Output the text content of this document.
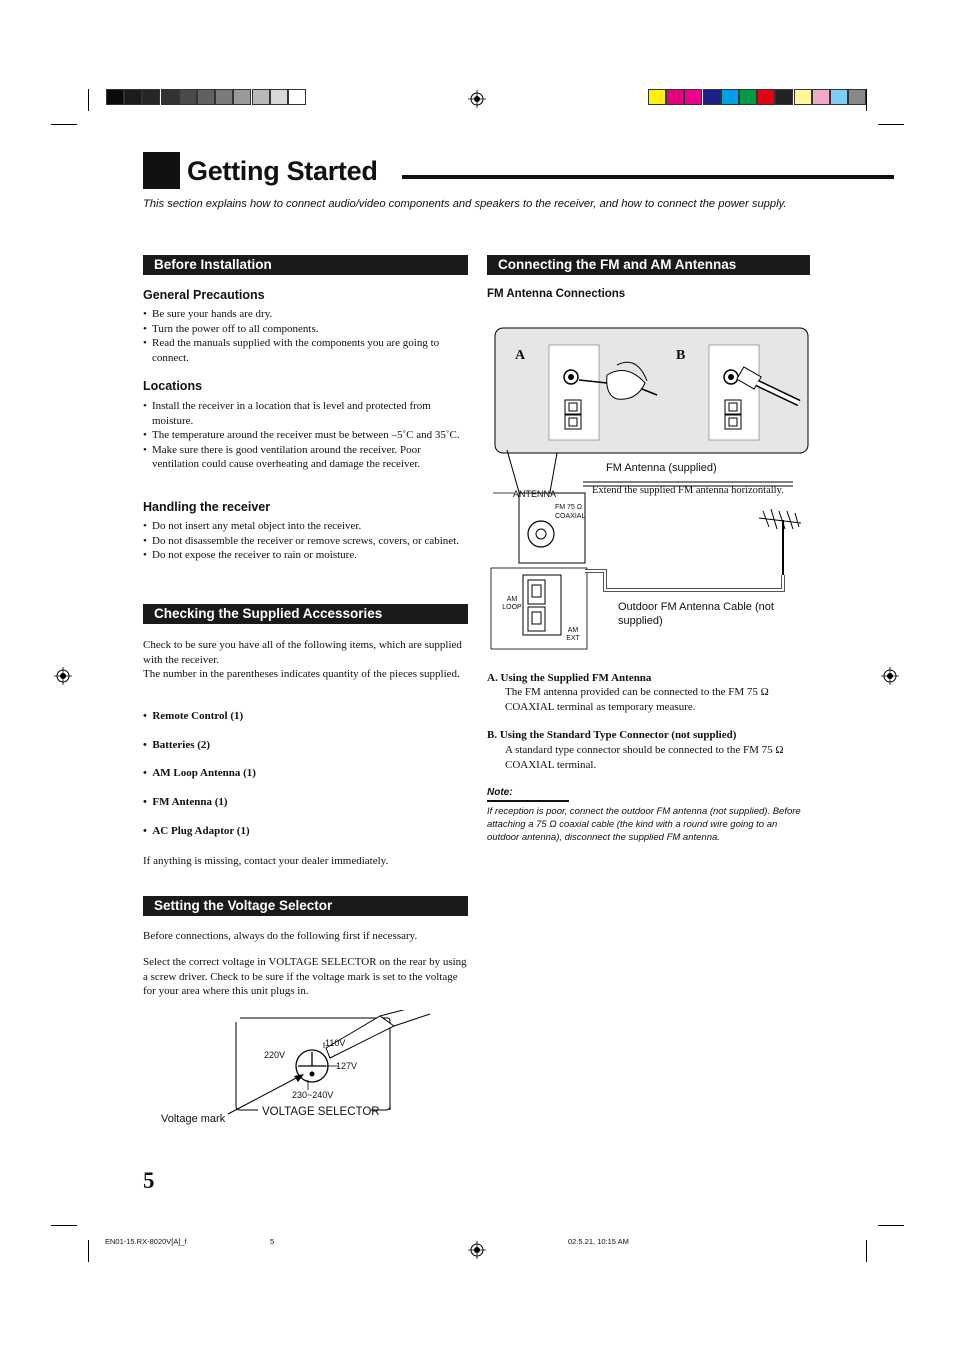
Getting Started
This section explains how to connect audio/video components and speakers to the receiver, and how to connect the power supply.
Before Installation
General Precautions
• Be sure your hands are dry.
• Turn the power off to all components.
• Read the manuals supplied with the components you are going to connect.
Locations
• Install the receiver in a location that is level and protected from moisture.
• The temperature around the receiver must be between –5˚C and 35˚C.
• Make sure there is good ventilation around the receiver. Poor ventilation could cause overheating and damage the receiver.
Handling the receiver
• Do not insert any metal object into the receiver.
• Do not disassemble the receiver or remove screws, covers, or cabinet.
• Do not expose the receiver to rain or moisture.
Checking the Supplied Accessories
Check to be sure you have all of the following items, which are supplied with the receiver.
The number in the parentheses indicates quantity of the pieces supplied.
•  Remote Control (1)
•  Batteries (2)
•  AM Loop Antenna (1)
•  FM Antenna (1)
•  AC Plug Adaptor (1)
If anything is missing, contact your dealer immediately.
Setting the Voltage Selector
Before connections, always do the following first if necessary.
Select the correct voltage in VOLTAGE SELECTOR on the rear by using a screw driver. Check to be sure if the voltage mark is set to the voltage for your area where this unit plugs in.
110V
220V
127V
230~240V
VOLTAGE SELECTOR
Voltage mark
Connecting the FM and AM Antennas
FM Antenna Connections
A	B
FM Antenna (supplied)
Extend the supplied FM antenna horizontally.
ANTENNA
FM 75 Ω
COAXIAL
AM LOOP
AM EXT
Outdoor FM Antenna Cable (not supplied)
A. Using the Supplied FM Antenna
The FM antenna provided can be connected to the FM 75 Ω COAXIAL terminal as temporary measure.
B. Using the Standard Type Connector (not supplied)
A standard type connector should be connected to the FM 75 Ω COAXIAL terminal.
Note:
If reception is poor, connect the outdoor FM antenna (not supplied). Before attaching a 75 Ω coaxial cable (the kind with a round wire going to an outdoor antenna), disconnect the supplied FM antenna.
5
EN01-15.RX-8020V[A]_f	5	02.5.21, 10:15 AM
